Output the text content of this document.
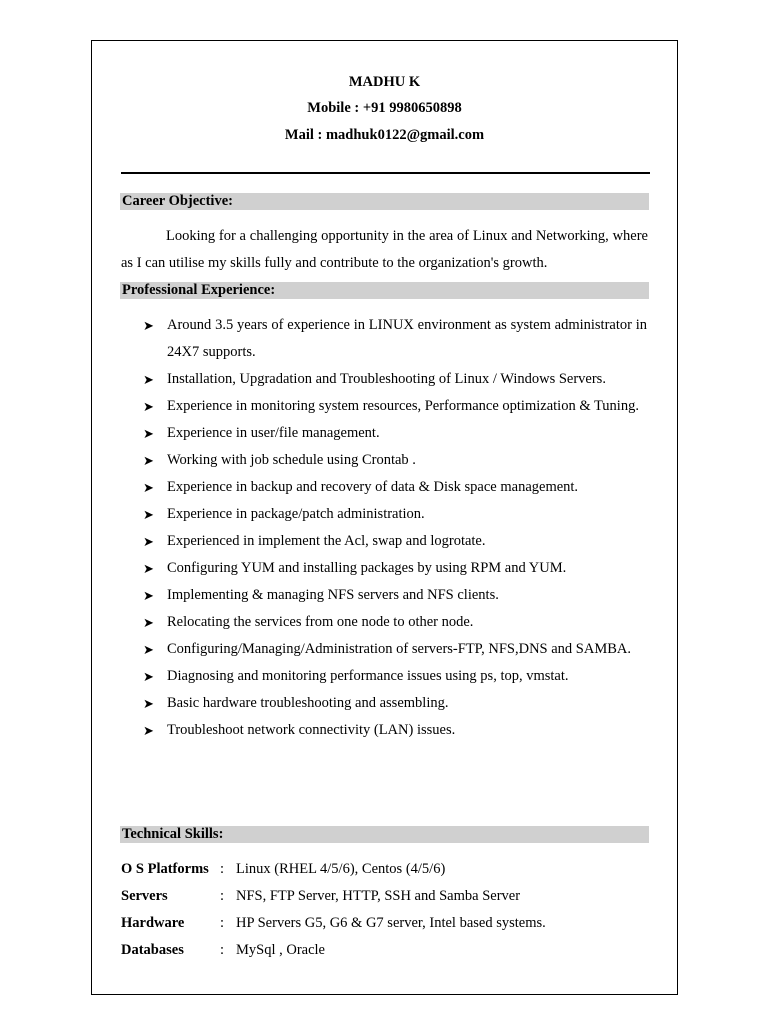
MADHU K
Mobile : +91 9980650898
Mail : madhuk0122@gmail.com
Career Objective:
Looking for a challenging opportunity in the area of Linux and Networking, where as I can utilise my skills fully and contribute to the organization's growth.
Professional Experience:
➤ Around 3.5 years of experience in LINUX environment as system administrator in 24X7 supports.
➤ Installation, Upgradation and Troubleshooting of Linux / Windows Servers.
➤ Experience in monitoring system resources, Performance optimization & Tuning.
➤ Experience in user/file management.
➤ Working with job schedule using Crontab .
➤ Experience in backup and recovery of data & Disk space management.
➤ Experience in package/patch administration.
➤ Experienced in implement the Acl, swap and logrotate.
➤ Configuring YUM and installing packages by using RPM and YUM.
➤ Implementing & managing NFS servers and NFS clients.
➤ Relocating the services from one node to other node.
➤ Configuring/Managing/Administration of servers-FTP, NFS,DNS and SAMBA.
➤ Diagnosing and monitoring performance issues using ps, top, vmstat.
➤ Basic hardware troubleshooting and assembling.
➤ Troubleshoot network connectivity (LAN) issues.
Technical Skills:
O S Platforms : Linux (RHEL 4/5/6), Centos (4/5/6)
Servers	: NFS, FTP Server, HTTP, SSH and Samba Server
Hardware : HP Servers G5, G6 & G7 server, Intel based systems.
Databases : MySql , Oracle
